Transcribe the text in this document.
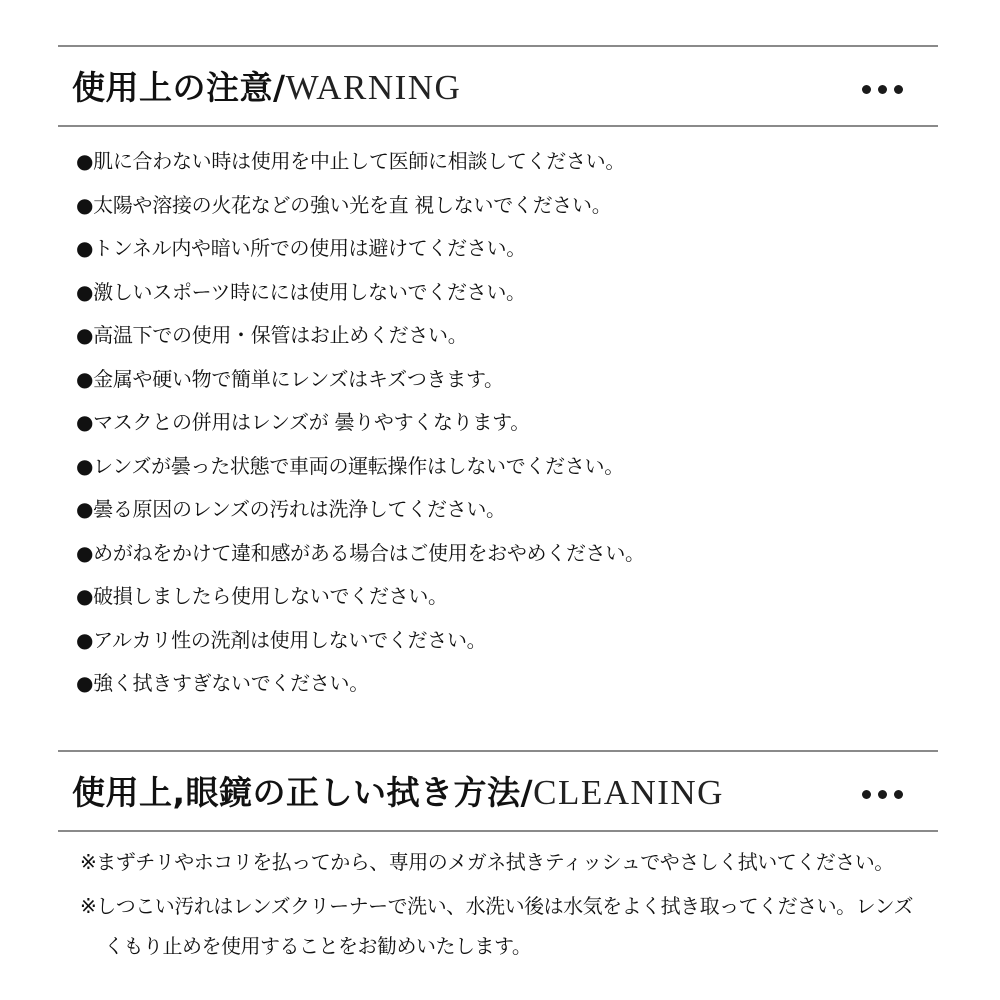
使用上の注意/WARNING
●肌に合わない時は使用を中止して医師に相談してください。
●太陽や溶接の火花などの強い光を直 視しないでください。
●トンネル内や暗い所での使用は避けてください。
●激しいスポーツ時にには使用しないでください。
●高温下での使用・保管はお止めください。
●金属や硬い物で簡単にレンズはキズつきます。
●マスクとの併用はレンズが 曇りやすくなります。
●レンズが曇った状態で車両の運転操作はしないでください。
●曇る原因のレンズの汚れは洗浄してください。
●めがねをかけて違和感がある場合はご使用をおやめください。
●破損しましたら使用しないでください。
●アルカリ性の洗剤は使用しないでください。
●強く拭きすぎないでください。
使用上,眼鏡の正しい拭き方法/CLEANING
※まずチリやホコリを払ってから、専用のメガネ拭きティッシュでやさしく拭いてください。
※しつこい汚れはレンズクリーナーで洗い、水洗い後は水気をよく拭き取ってください。レンズ
くもり止めを使用することをお勧めいたします。
